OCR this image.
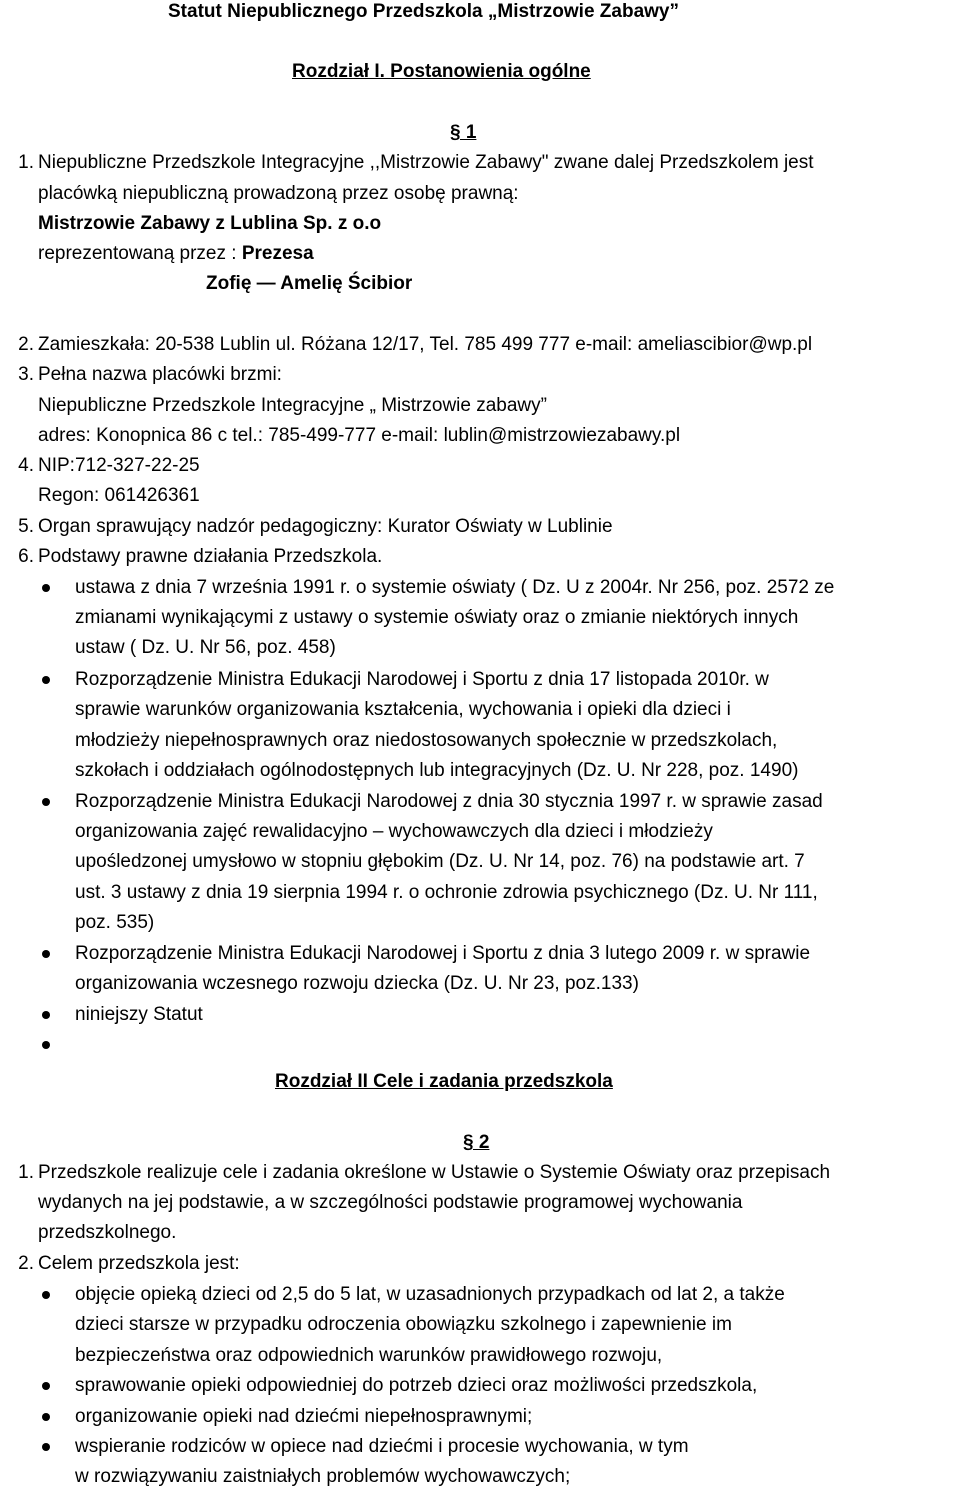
Statut Niepublicznego Przedszkola „Mistrzowie Zabawy”
Rozdział I. Postanowienia ogólne
§ 1
1. Niepubliczne Przedszkole Integracyjne ,,Mistrzowie Zabawy" zwane dalej Przedszkolem jest
placówką niepubliczną prowadzoną przez osobę prawną:
Mistrzowie Zabawy z Lublina Sp. z o.o
reprezentowaną przez : Prezesa
Zofię — Amelię Ścibior
2. Zamieszkała: 20-538 Lublin ul. Różana 12/17, Tel. 785 499 777 e-mail: ameliascibior@wp.pl
3. Pełna nazwa placówki brzmi:
Niepubliczne Przedszkole Integracyjne „ Mistrzowie zabawy”
adres: Konopnica 86 c tel.: 785-499-777 e-mail: lublin@mistrzowiezabawy.pl
4. NIP:712-327-22-25
Regon: 061426361
5. Organ sprawujący nadzór pedagogiczny: Kurator Oświaty w Lublinie
6. Podstawy prawne działania Przedszkola.
ustawa z dnia 7 września 1991 r. o systemie oświaty ( Dz. U z 2004r. Nr 256, poz. 2572 ze
zmianami wynikającymi z ustawy o systemie oświaty oraz o zmianie niektórych innych
ustaw ( Dz. U. Nr 56, poz. 458)
Rozporządzenie Ministra Edukacji Narodowej i Sportu z dnia 17 listopada 2010r. w
sprawie warunków organizowania kształcenia, wychowania i opieki dla dzieci i
młodzieży niepełnosprawnych oraz niedostosowanych społecznie w przedszkolach,
szkołach i oddziałach ogólnodostępnych lub integracyjnych (Dz. U. Nr 228, poz. 1490)
Rozporządzenie Ministra Edukacji Narodowej z dnia 30 stycznia 1997 r. w sprawie zasad
organizowania zajęć rewalidacyjno – wychowawczych dla dzieci i młodzieży
upośledzonej umysłowo w stopniu głębokim (Dz. U. Nr 14, poz. 76) na podstawie art. 7
ust. 3 ustawy z dnia 19 sierpnia 1994 r. o ochronie zdrowia psychicznego (Dz. U. Nr 111,
poz. 535)
Rozporządzenie Ministra Edukacji Narodowej i Sportu z dnia 3 lutego 2009 r. w sprawie
organizowania wczesnego rozwoju dziecka (Dz. U. Nr 23, poz.133)
niniejszy Statut
Rozdział II Cele i zadania przedszkola
§ 2
1. Przedszkole realizuje cele i zadania określone w Ustawie o Systemie Oświaty oraz przepisach
wydanych na jej podstawie, a w szczególności podstawie programowej wychowania
przedszkolnego.
2. Celem przedszkola jest:
objęcie opieką dzieci od 2,5 do 5 lat, w uzasadnionych przypadkach od lat 2, a także
dzieci starsze w przypadku odroczenia obowiązku szkolnego i zapewnienie im
bezpieczeństwa oraz odpowiednich warunków prawidłowego rozwoju,
sprawowanie opieki odpowiedniej do potrzeb dzieci oraz możliwości przedszkola,
organizowanie opieki nad dziećmi niepełnosprawnymi;
wspieranie rodziców w opiece nad dziećmi i procesie wychowania, w tym
w rozwiązywaniu zaistniałych problemów wychowawczych;
